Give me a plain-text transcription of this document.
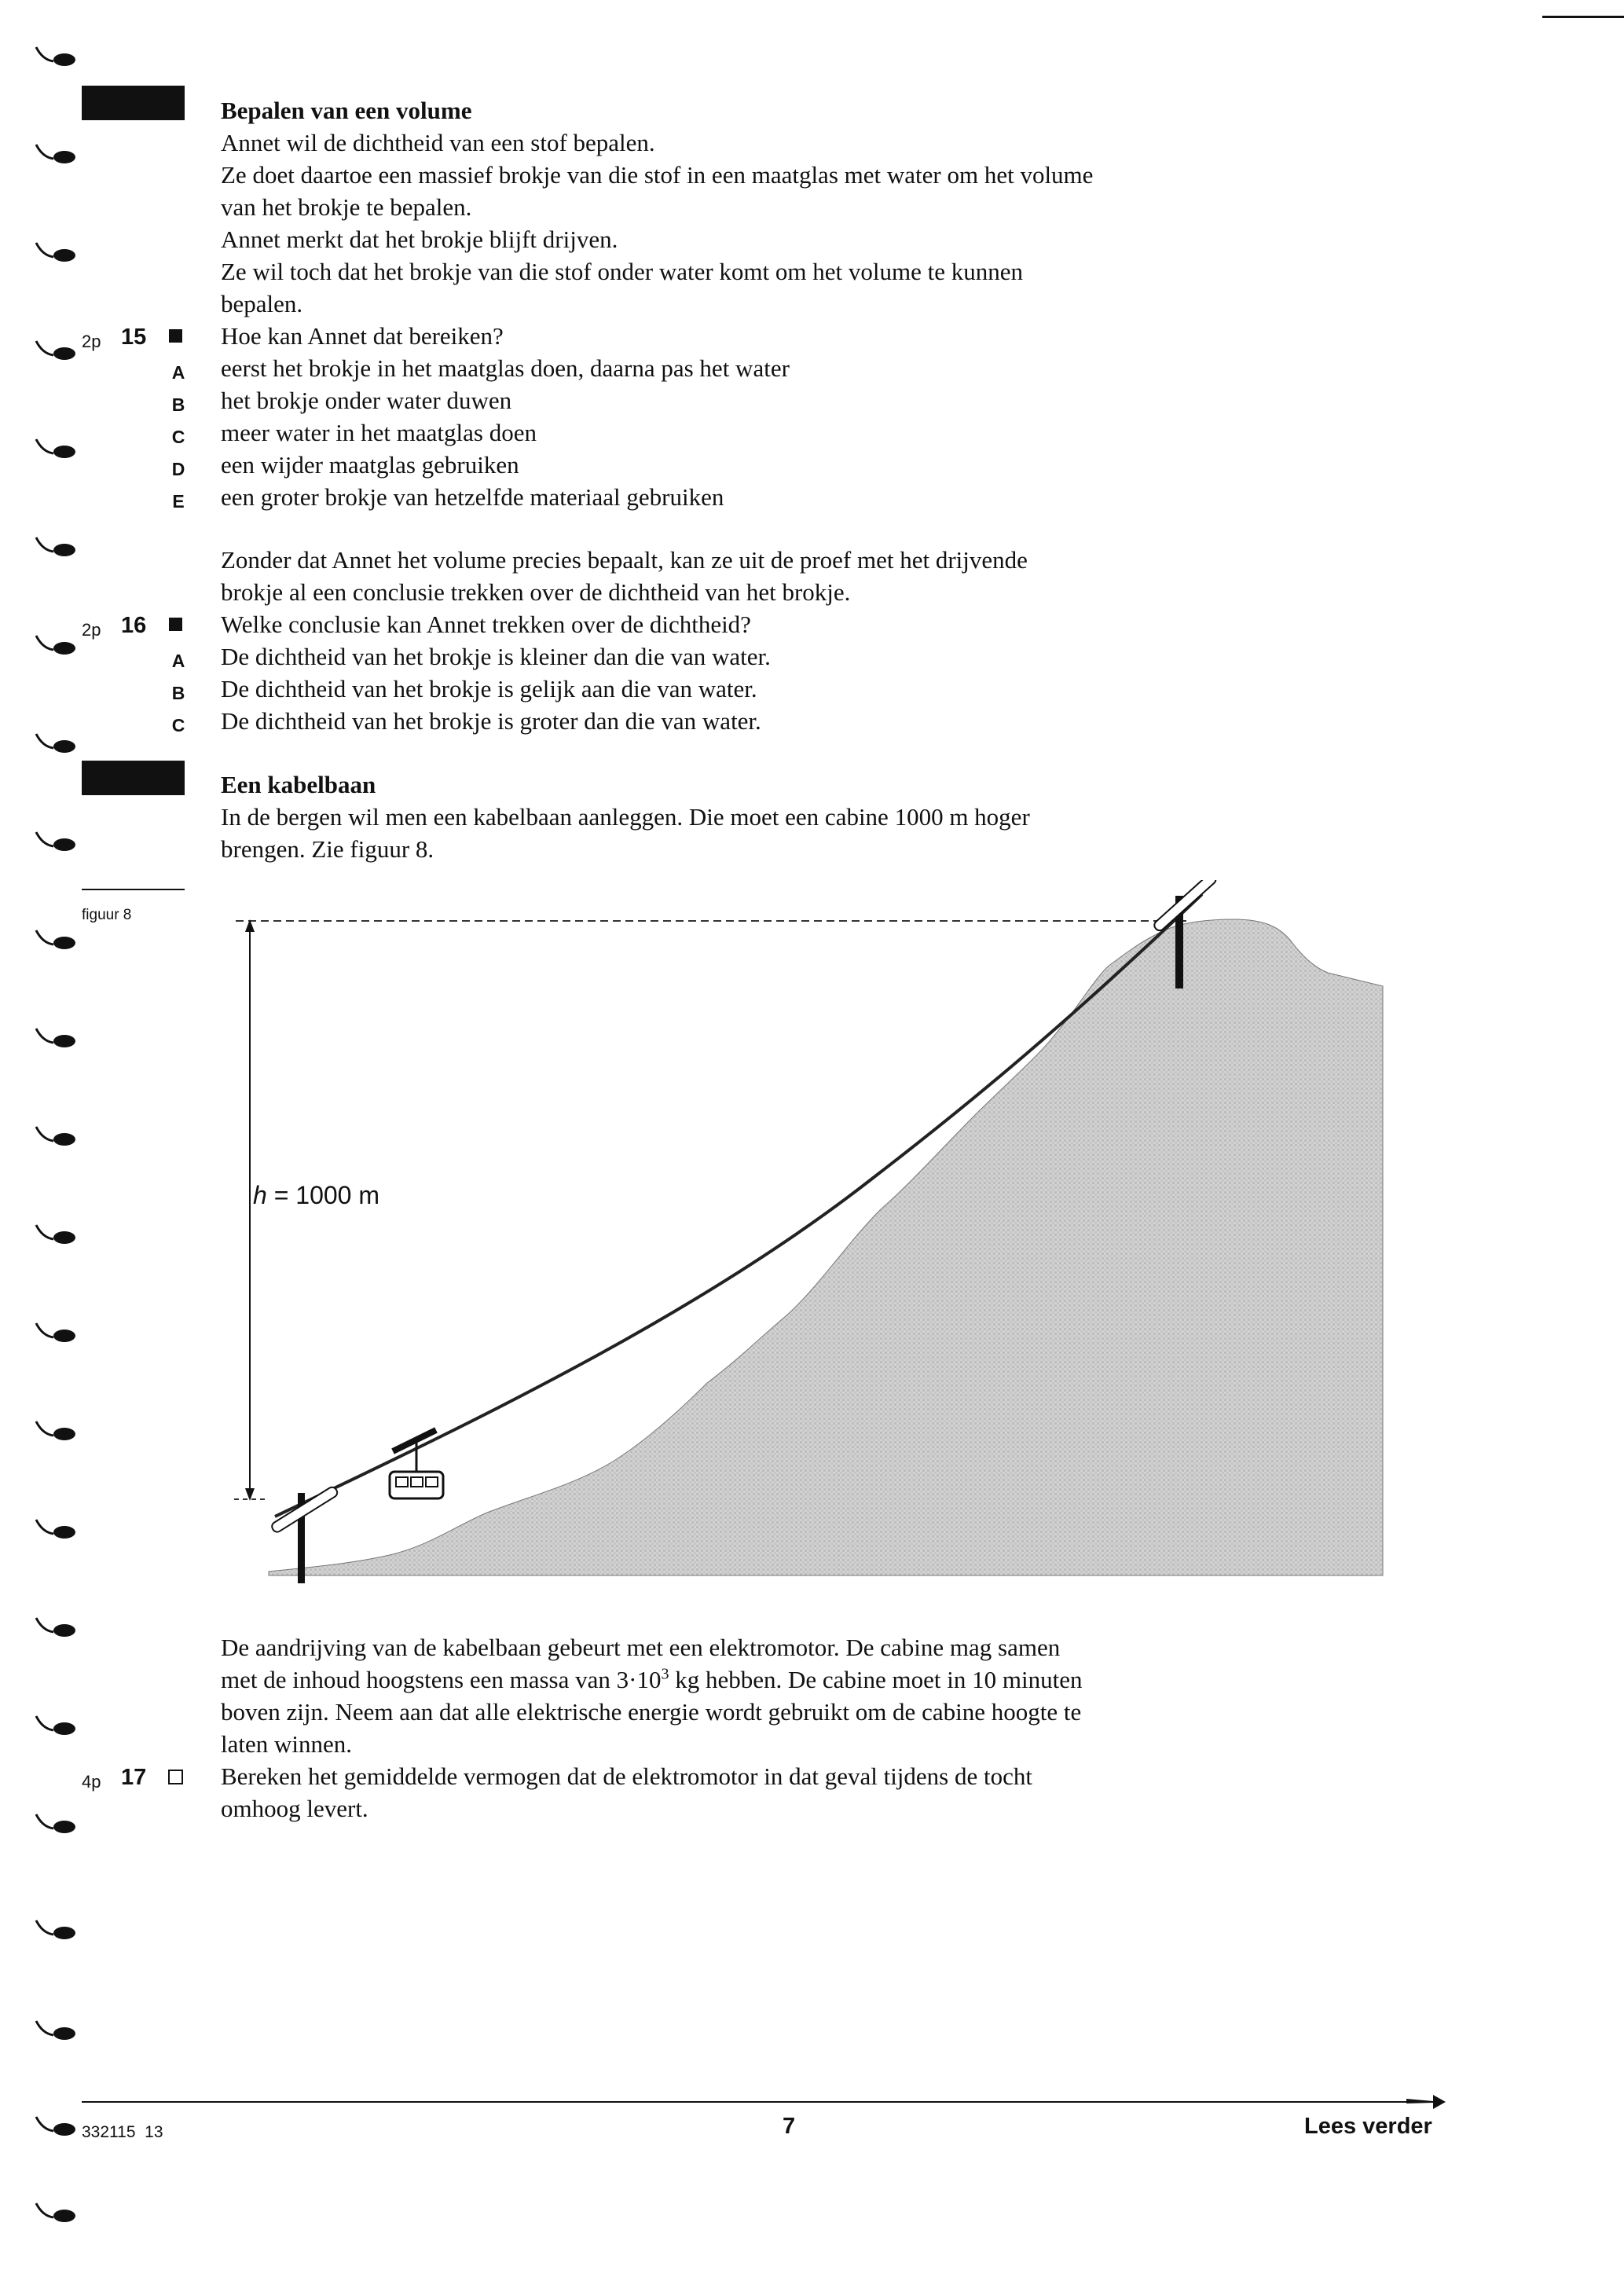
Bepalen van een volume
Annet wil de dichtheid van een stof bepalen.
Ze doet daartoe een massief brokje van die stof in een maatglas met water om het volume
van het brokje te bepalen.
Annet merkt dat het brokje blijft drijven.
Ze wil toch dat het brokje van die stof onder water komt om het volume te kunnen
bepalen.
2p 15	Hoe kan Annet dat bereiken?
A eerst het brokje in het maatglas doen, daarna pas het water
B het brokje onder water duwen
C meer water in het maatglas doen
D een wijder maatglas gebruiken
E een groter brokje van hetzelfde materiaal gebruiken
Zonder dat Annet het volume precies bepaalt, kan ze uit de proef met het drijvende
brokje al een conclusie trekken over de dichtheid van het brokje.
2p 16	Welke conclusie kan Annet trekken over de dichtheid?
A De dichtheid van het brokje is kleiner dan die van water.
B De dichtheid van het brokje is gelijk aan die van water.
C De dichtheid van het brokje is groter dan die van water.
Een kabelbaan
In de bergen wil men een kabelbaan aanleggen. Die moet een cabine 1000 m hoger
brengen. Zie figuur 8.
figuur 8
h = 1000 m
De aandrijving van de kabelbaan gebeurt met een elektromotor. De cabine mag samen
met de inhoud hoogstens een massa van $3\cdot 10^3$ kg hebben. De cabine moet in 10 minuten
boven zijn. Neem aan dat alle elektrische energie wordt gebruikt om de cabine hoogte te
laten winnen.
4p 17	Bereken het gemiddelde vermogen dat de elektromotor in dat geval tijdens de tocht
omhoog levert.
332115  13	7	Lees verder
